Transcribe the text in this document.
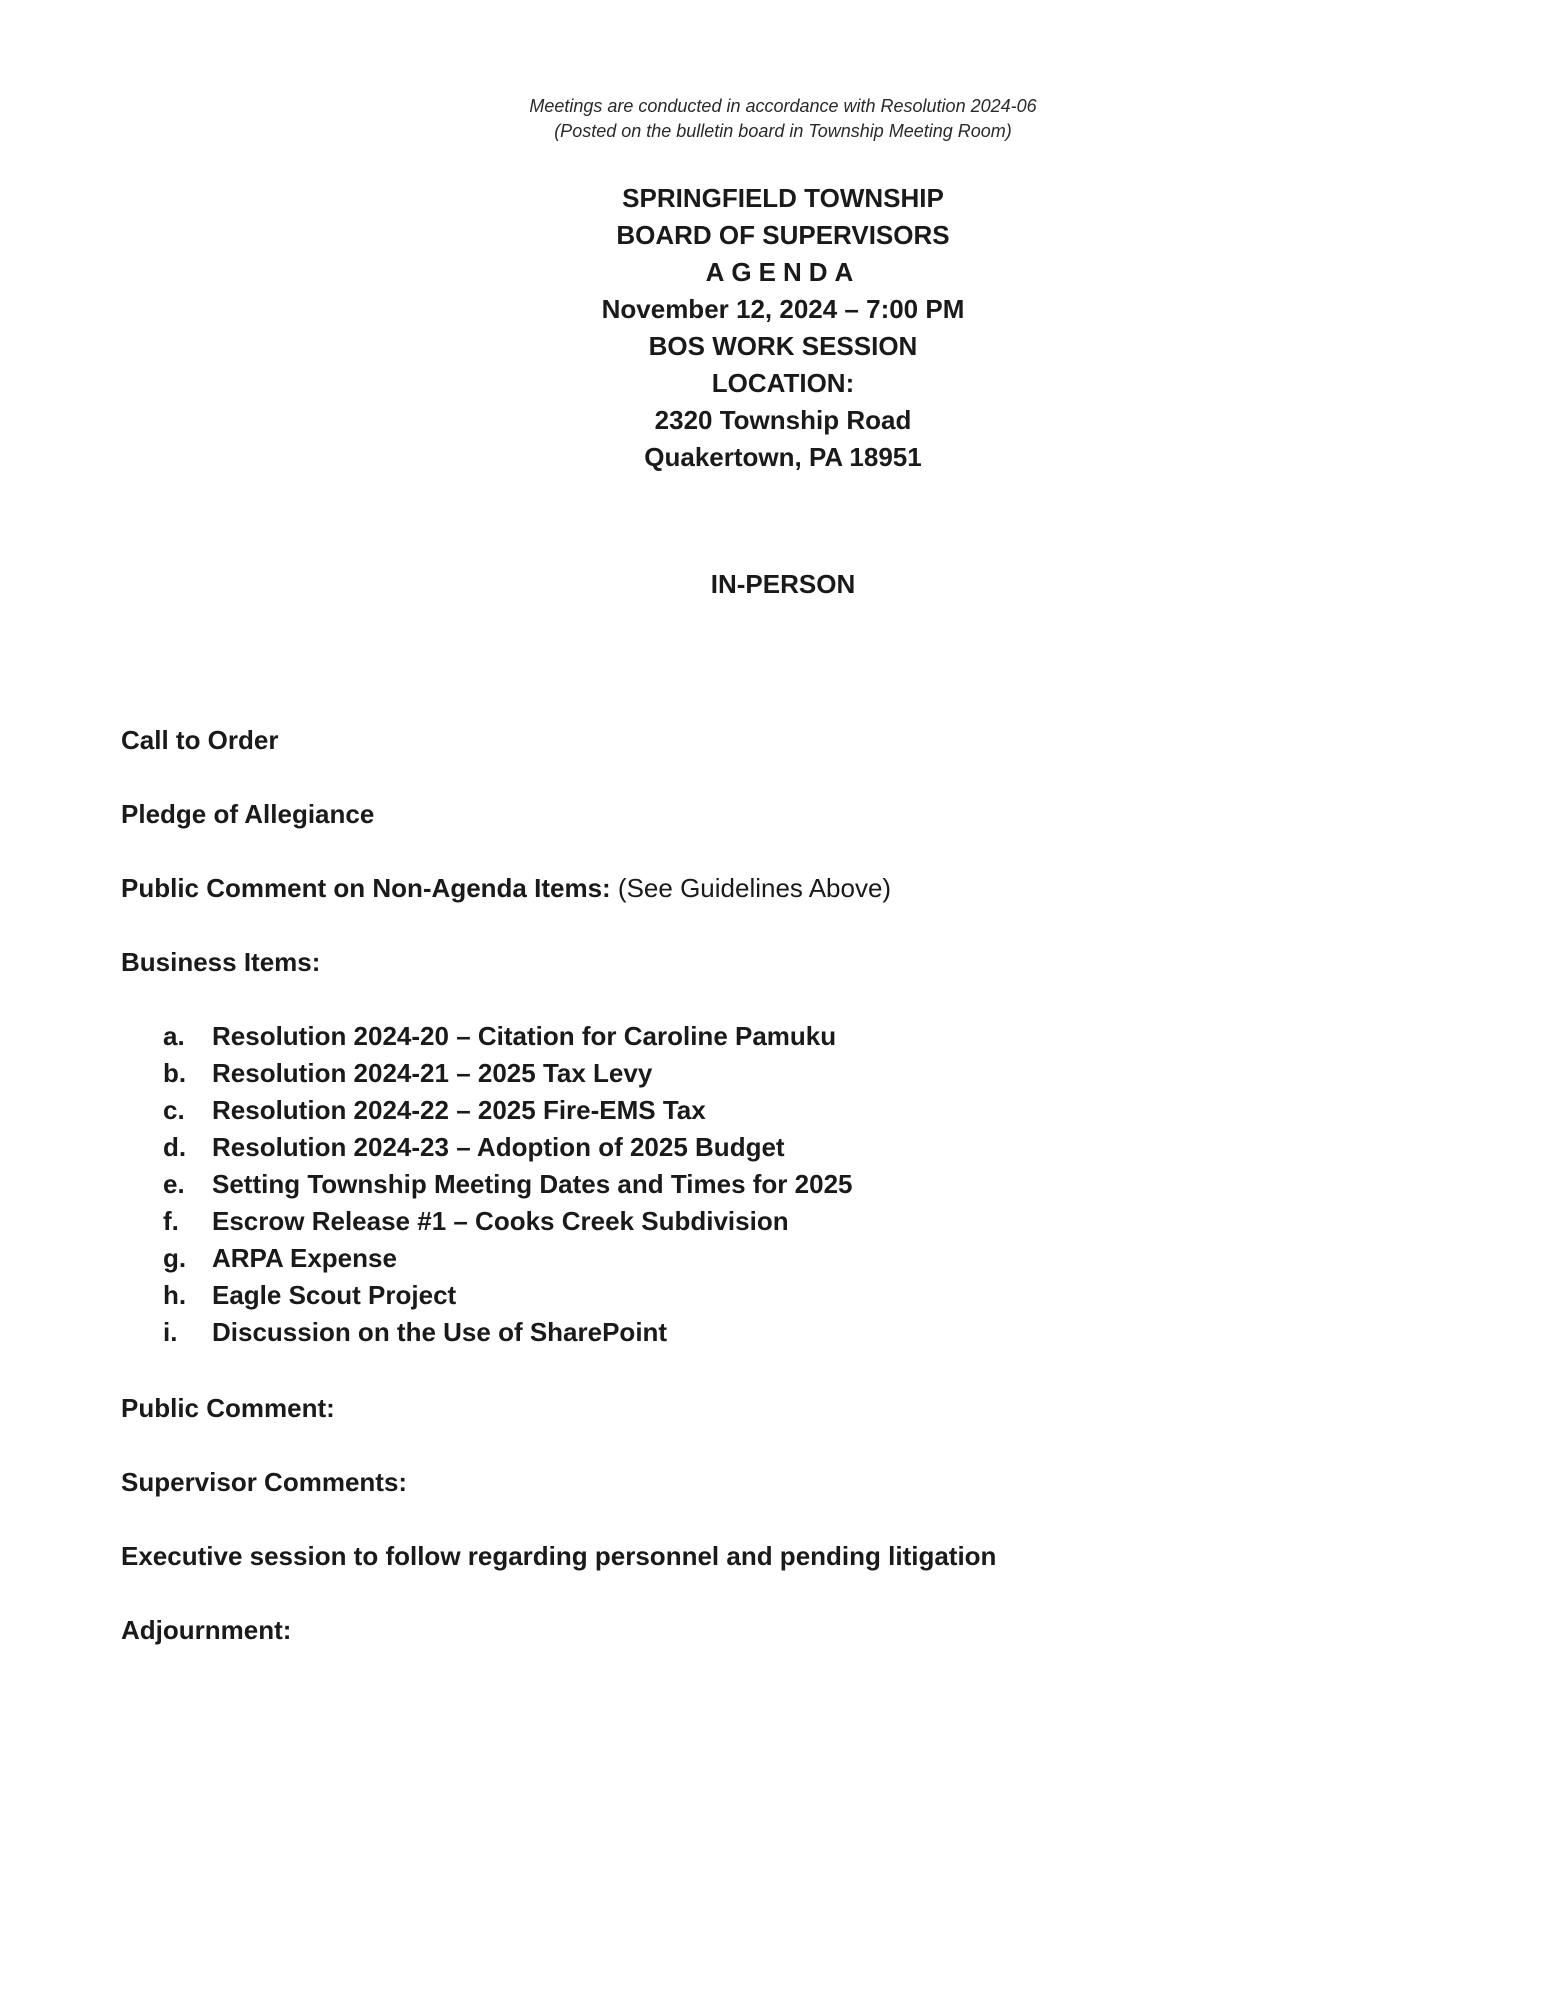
Meetings are conducted in accordance with Resolution 2024-06
(Posted on the bulletin board in Township Meeting Room)
SPRINGFIELD TOWNSHIP
BOARD OF SUPERVISORS
AGENDA
November 12, 2024 – 7:00 PM
BOS WORK SESSION
LOCATION:
2320 Township Road
Quakertown, PA 18951
IN-PERSON
Call to Order
Pledge of Allegiance
Public Comment on Non-Agenda Items: (See Guidelines Above)
Business Items:
a.	Resolution 2024-20 – Citation for Caroline Pamuku
b. Resolution 2024-21 – 2025 Tax Levy
c.	Resolution 2024-22 – 2025 Fire-EMS Tax
d. Resolution 2024-23 – Adoption of 2025 Budget
e.	Setting Township Meeting Dates and Times for 2025
f.	Escrow Release #1 – Cooks Creek Subdivision
g. ARPA Expense
h. Eagle Scout Project
i.	Discussion on the Use of SharePoint
Public Comment:
Supervisor Comments:
Executive session to follow regarding personnel and pending litigation
Adjournment:
